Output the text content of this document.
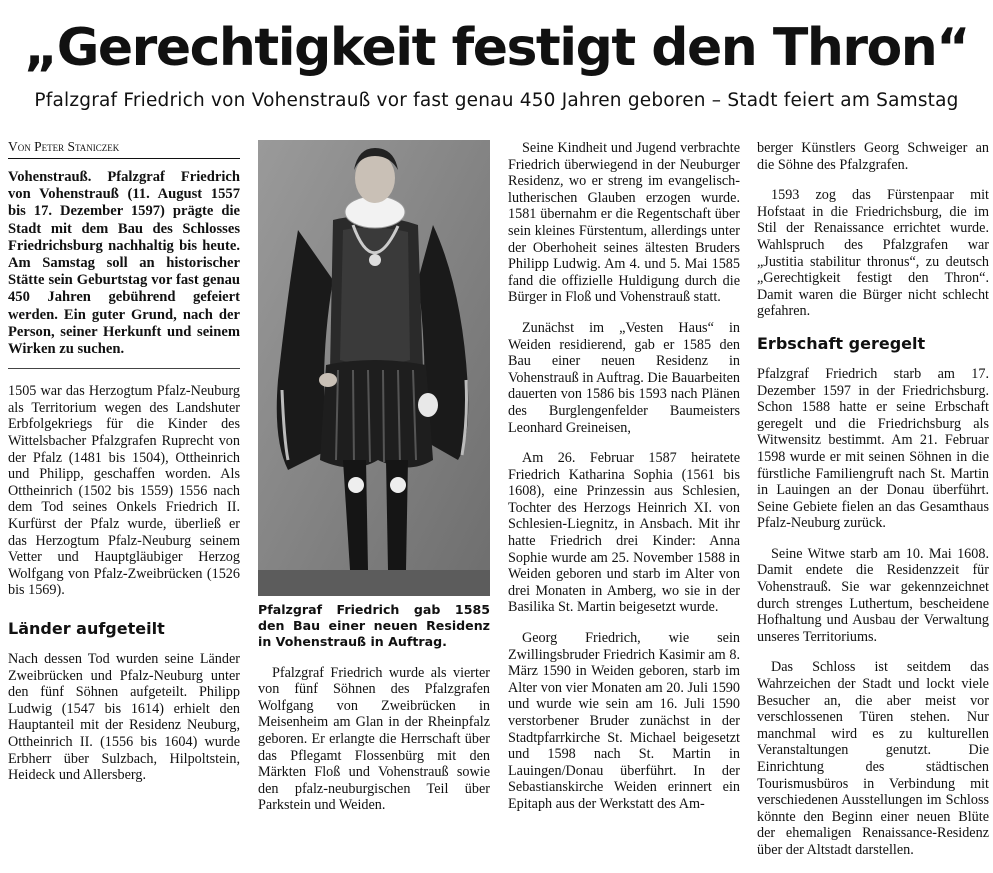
„Gerechtigkeit festigt den Thron“
Pfalzgraf Friedrich von Vohenstrauß vor fast genau 450 Jahren geboren – Stadt feiert am Samstag
Von Peter Staniczek

Vohenstrauß. Pfalzgraf Friedrich von Vohenstrauß (11. August 1557 bis 17. Dezember 1597) prägte die Stadt mit dem Bau des Schlosses Friedrichsburg nachhaltig bis heute. Am Samstag soll an historischer Stätte sein Geburtstag vor fast genau 450 Jahren gebührend gefeiert werden. Ein guter Grund, nach der Person, seiner Herkunft und seinem Wirken zu suchen.

1505 war das Herzogtum Pfalz-Neuburg als Territorium wegen des Landshuter Erbfolgekriegs für die Kinder des Wittelsbacher Pfalzgrafen Ruprecht von der Pfalz (1481 bis 1504), Ottheinrich und Philipp, geschaffen worden. Als Ottheinrich (1502 bis 1559) 1556 nach dem Tod seines Onkels Friedrich II. Kurfürst der Pfalz wurde, überließ er das Herzogtum Pfalz-Neuburg seinem Vetter und Hauptgläubiger Herzog Wolfgang von Pfalz-Zweibrücken (1526 bis 1569).

Länder aufgeteilt

Nach dessen Tod wurden seine Länder Zweibrücken und Pfalz-Neuburg unter den fünf Söhnen aufgeteilt. Philipp Ludwig (1547 bis 1614) erhielt den Hauptanteil mit der Residenz Neuburg, Ottheinrich II. (1556 bis 1604) wurde Erbherr über Sulzbach, Hilpoltstein, Heideck und Allersberg.

Pfalzgraf Friedrich gab 1585 den Bau einer neuen Residenz in Vohenstrauß in Auftrag.

Pfalzgraf Friedrich wurde als vierter von fünf Söhnen des Pfalzgrafen Wolfgang von Zweibrücken in Meisenheim am Glan in der Rheinpfalz geboren. Er erlangte die Herrschaft über das Pflegamt Flossenbürg mit den Märkten Floß und Vohenstrauß sowie den pfalz-neuburgischen Teil über Parkstein und Weiden.

Seine Kindheit und Jugend verbrachte Friedrich überwiegend in der Neuburger Residenz, wo er streng im evangelisch-lutherischen Glauben erzogen wurde. 1581 übernahm er die Regentschaft über sein kleines Fürstentum, allerdings unter der Oberhoheit seines ältesten Bruders Philipp Ludwig. Am 4. und 5. Mai 1585 fand die offizielle Huldigung durch die Bürger in Floß und Vohenstrauß statt.

Zunächst im „Vesten Haus“ in Weiden residierend, gab er 1585 den Bau einer neuen Residenz in Vohenstrauß in Auftrag. Die Bauarbeiten dauerten von 1586 bis 1593 nach Plänen des Burglengenfelder Baumeisters Leonhard Greineisen,

Am 26. Februar 1587 heiratete Friedrich Katharina Sophia (1561 bis 1608), eine Prinzessin aus Schlesien, Tochter des Herzogs Heinrich XI. von Schlesien-Liegnitz, in Ansbach. Mit ihr hatte Friedrich drei Kinder: Anna Sophie wurde am 25. November 1588 in Weiden geboren und starb im Alter von drei Monaten in Amberg, wo sie in der Basilika St. Martin beigesetzt wurde.

Georg Friedrich, wie sein Zwillingsbruder Friedrich Kasimir am 8. März 1590 in Weiden geboren, starb im Alter von vier Monaten am 20. Juli 1590 und wurde wie sein am 16. Juli 1590 verstorbener Bruder zunächst in der Stadtpfarrkirche St. Michael beigesetzt und 1598 nach St. Martin in Lauingen/Donau überführt. In der Sebastianskirche Weiden erinnert ein Epitaph aus der Werkstatt des Am-

berger Künstlers Georg Schweiger an die Söhne des Pfalzgrafen.

1593 zog das Fürstenpaar mit Hofstaat in die Friedrichsburg, die im Stil der Renaissance errichtet wurde. Wahlspruch des Pfalzgrafen war „Justitia stabilitur thronus“, zu deutsch „Gerechtigkeit festigt den Thron“. Damit waren die Bürger nicht schlecht gefahren.

Erbschaft geregelt

Pfalzgraf Friedrich starb am 17. Dezember 1597 in der Friedrichsburg. Schon 1588 hatte er seine Erbschaft geregelt und die Friedrichsburg als Witwensitz bestimmt. Am 21. Februar 1598 wurde er mit seinen Söhnen in die fürstliche Familiengruft nach St. Martin in Lauingen an der Donau überführt. Seine Gebiete fielen an das Gesamthaus Pfalz-Neuburg zurück.

Seine Witwe starb am 10. Mai 1608. Damit endete die Residenzzeit für Vohenstrauß. Sie war gekennzeichnet durch strenges Luthertum, bescheidene Hofhaltung und Ausbau der Verwaltung unseres Territoriums.

Das Schloss ist seitdem das Wahrzeichen der Stadt und lockt viele Besucher an, die aber meist vor verschlossenen Türen stehen. Nur manchmal wird es zu kulturellen Veranstaltungen genutzt. Die Einrichtung des städtischen Tourismusbüros in Verbindung mit verschiedenen Ausstellungen im Schloss könnte den Beginn einer neuen Blüte der ehemaligen Renaissance-Residenz über der Altstadt darstellen.
